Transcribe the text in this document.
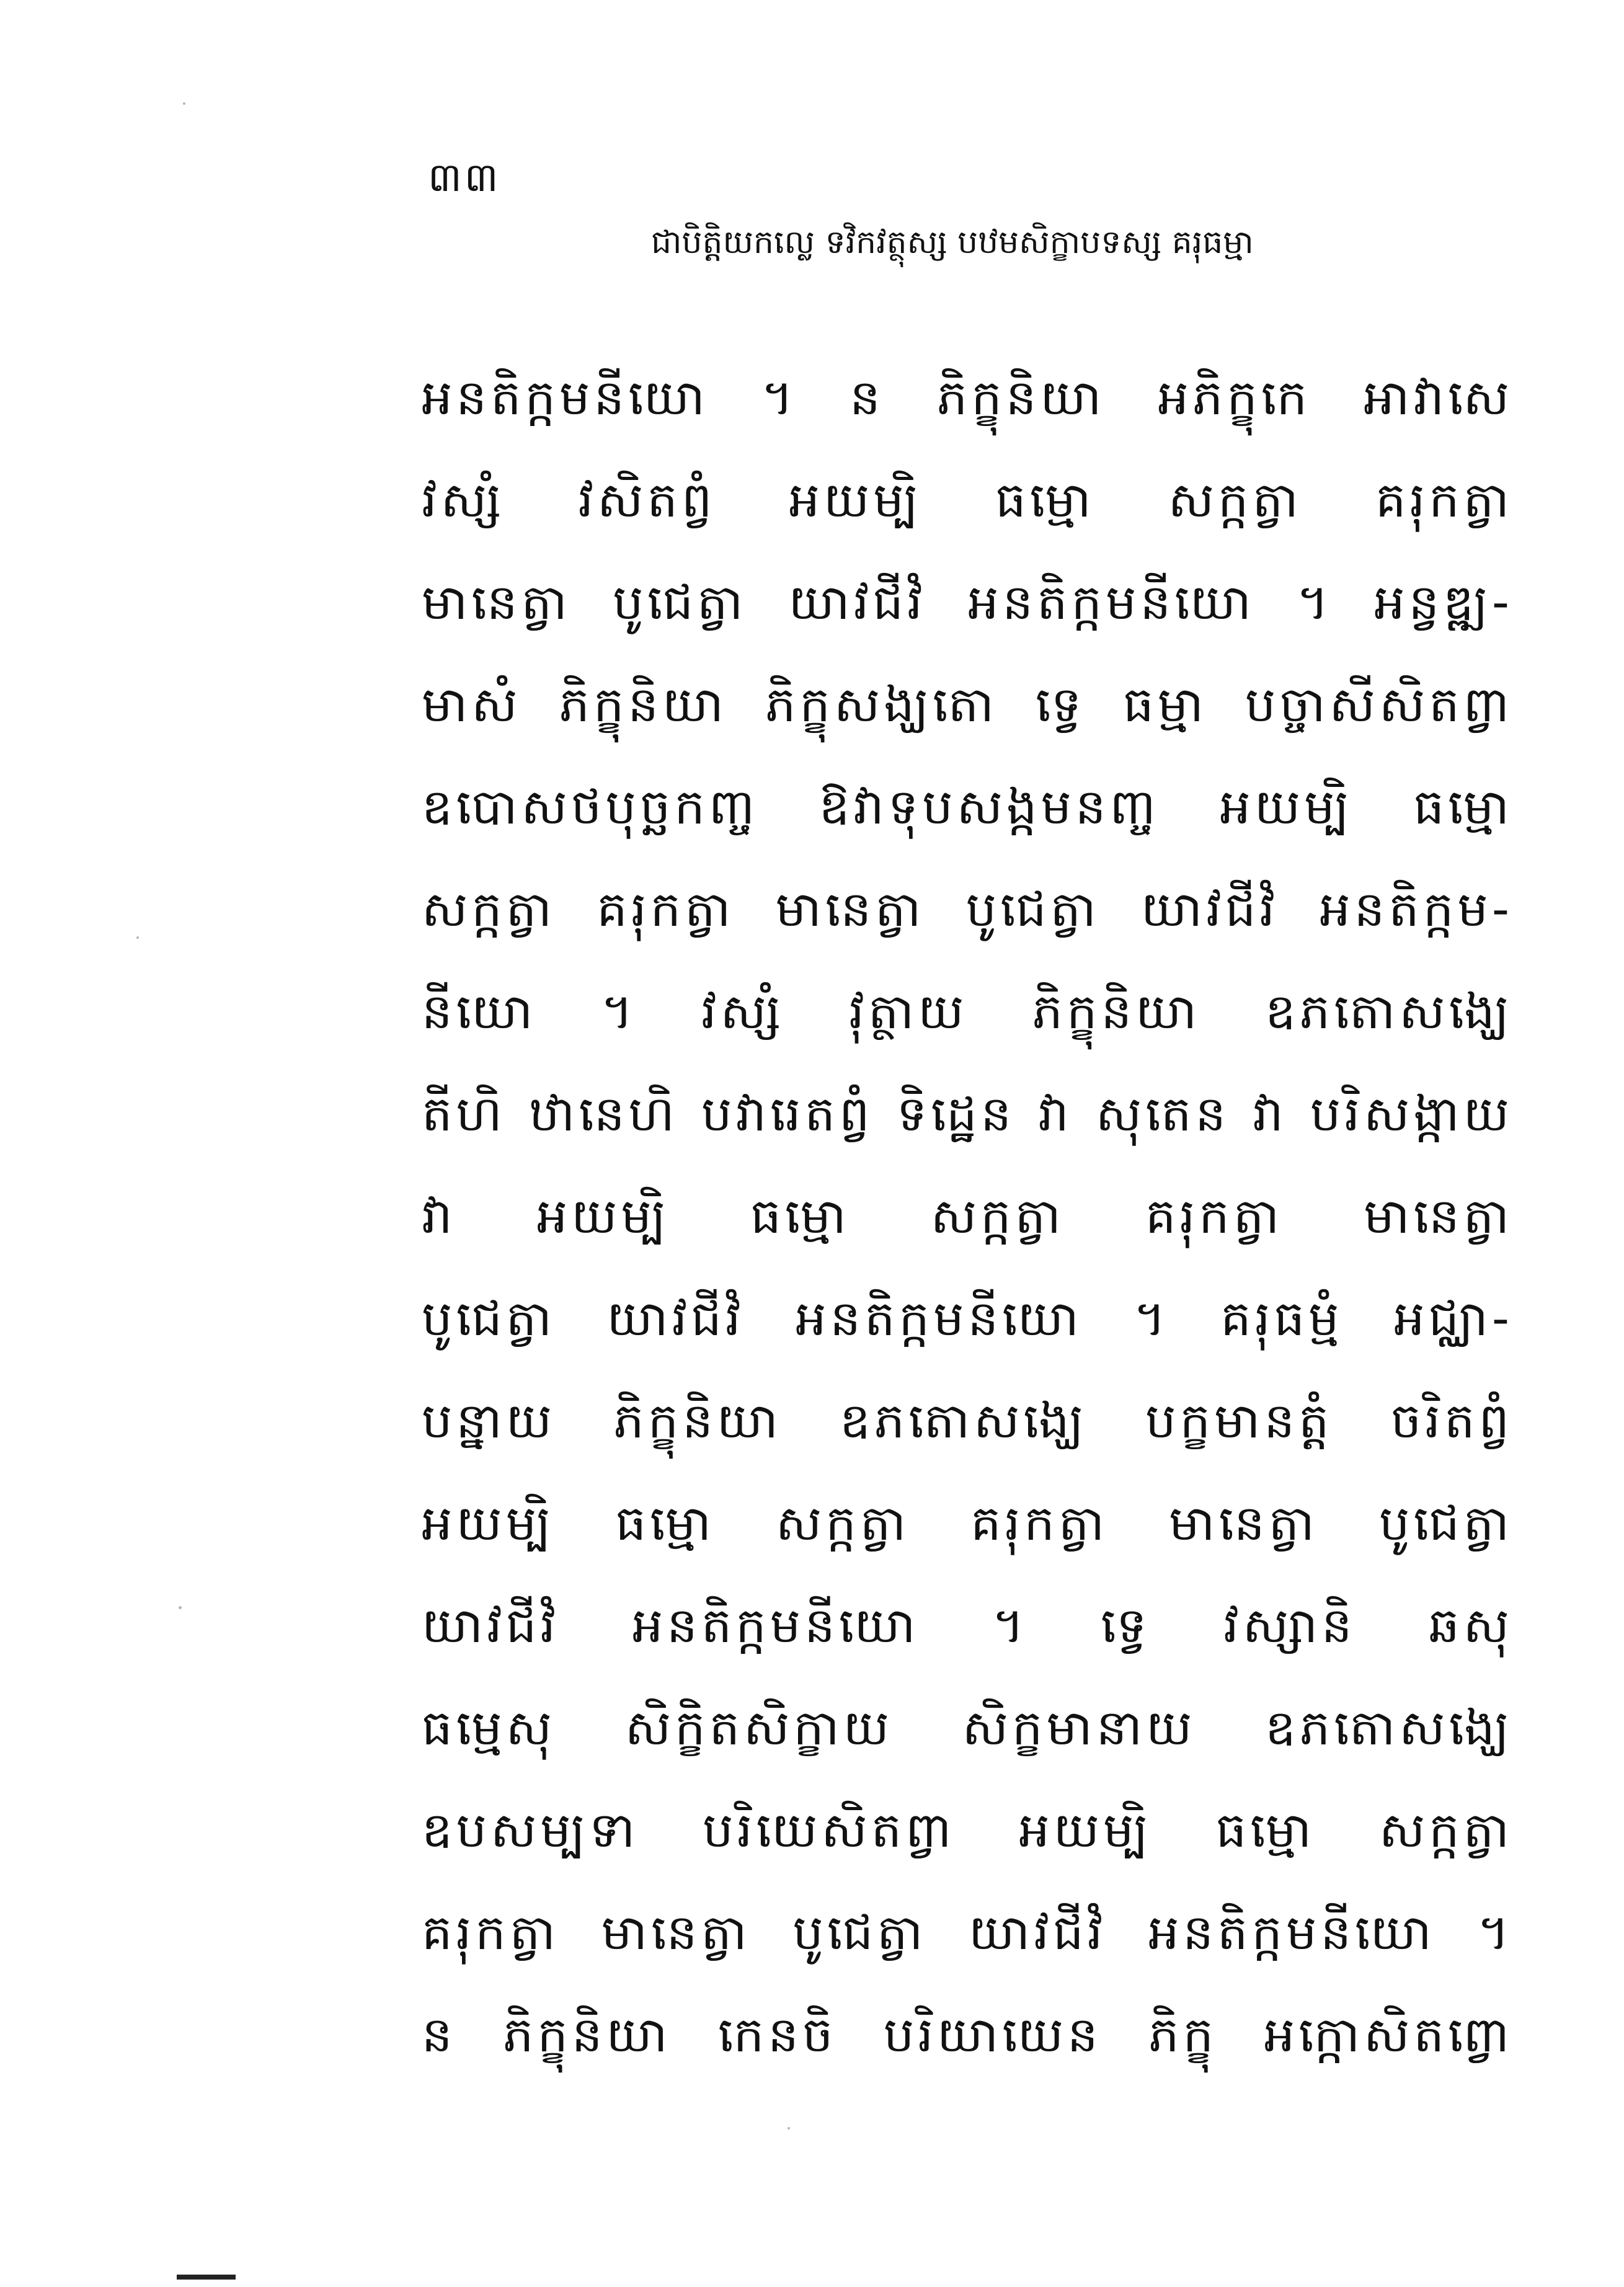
៣៣
ជាបិត្តិយកល្លេ ទវិកវត្ថុស្ស បឋមសិក្ខាបទស្ស គរុធម្មា
អនតិក្កមនីយោ ។ ន ភិក្ខុនិយា អភិក្ខុកេ អាវាសេ
វស្សំ វសិតព្វំ អយម្បិ ធម្មោ សក្កត្វា គរុកត្វា
មានេត្វា បូជេត្វា យាវជីវំ អនតិក្កមនីយោ ។ អន្វឌ្ឍ-
មាសំ ភិក្ខុនិយា ភិក្ខុសង្ឃតោ ទ្វេ ធម្មា បច្ចាសីសិតព្វា
ឧបោសថបុច្ឆកញ្ច ឱវាទុបសង្កមនញ្ច អយម្បិ ធម្មោ
សក្កត្វា គរុកត្វា មានេត្វា បូជេត្វា យាវជីវំ អនតិក្កម-
នីយោ ។ វស្សំ វុត្ថាយ ភិក្ខុនិយា ឧភតោសង្ឃេ
តីហិ ឋានេហិ បវារេតព្វំ ទិដ្ឋេន វា សុតេន វា បរិសង្កាយ
វា អយម្បិ ធម្មោ សក្កត្វា គរុកត្វា មានេត្វា
បូជេត្វា យាវជីវំ អនតិក្កមនីយោ ។ គរុធម្មំ អជ្ឈា-
បន្នាយ ភិក្ខុនិយា ឧភតោសង្ឃេ បក្ខមានត្តំ ចរិតព្វំ
អយម្បិ ធម្មោ សក្កត្វា គរុកត្វា មានេត្វា បូជេត្វា
យាវជីវំ អនតិក្កមនីយោ ។ ទ្វេ វស្សានិ ឆសុ
ធម្មេសុ សិក្ខិតសិក្ខាយ សិក្ខមានាយ ឧភតោសង្ឃេ
ឧបសម្បទា បរិយេសិតព្វា អយម្បិ ធម្មោ សក្កត្វា
គរុកត្វា មានេត្វា បូជេត្វា យាវជីវំ អនតិក្កមនីយោ ។
ន ភិក្ខុនិយា កេនចិ បរិយាយេន ភិក្ខុ អក្កោសិតព្វោ
